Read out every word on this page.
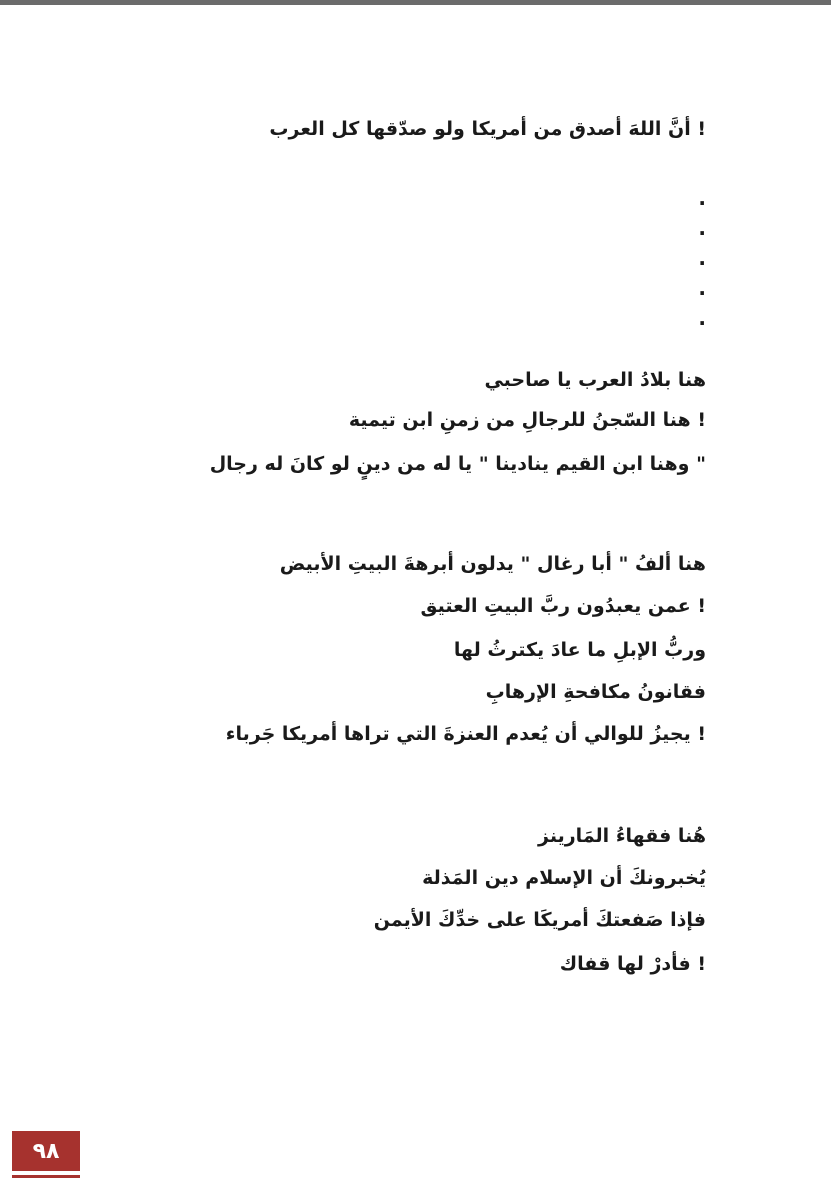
! أنَّ اللهَ أصدق من أمريكا ولو صدّقها كل العرب
.
.
.
.
.
هنا بلادُ العرب يا صاحبي
! هنا السّجنُ للرجالِ من زمنِ ابن تيمية
" وهنا ابن القيم ينادينا " يا له من دينٍ لو كانَ له رجال
هنا ألفُ " أبا رغال " يدلون أبرهةَ البيتِ الأبيض
! عمن يعبدُون ربَّ البيتِ العتيق
وربُّ الإبلِ ما عادَ يكترثُ لها
فقانونُ مكافحةِ الإرهابِ
! يجيزُ للوالي أن يُعدم العنزةَ التي تراها أمريكا جَرباء
هُنا فقهاءُ المَارينز
يُخبرونكَ أن الإسلام دين المَذلة
فإذا صَفعتكَ أمريكَا على خدِّكَ الأيمن
! فأدرْ لها قفاك
٩٨
